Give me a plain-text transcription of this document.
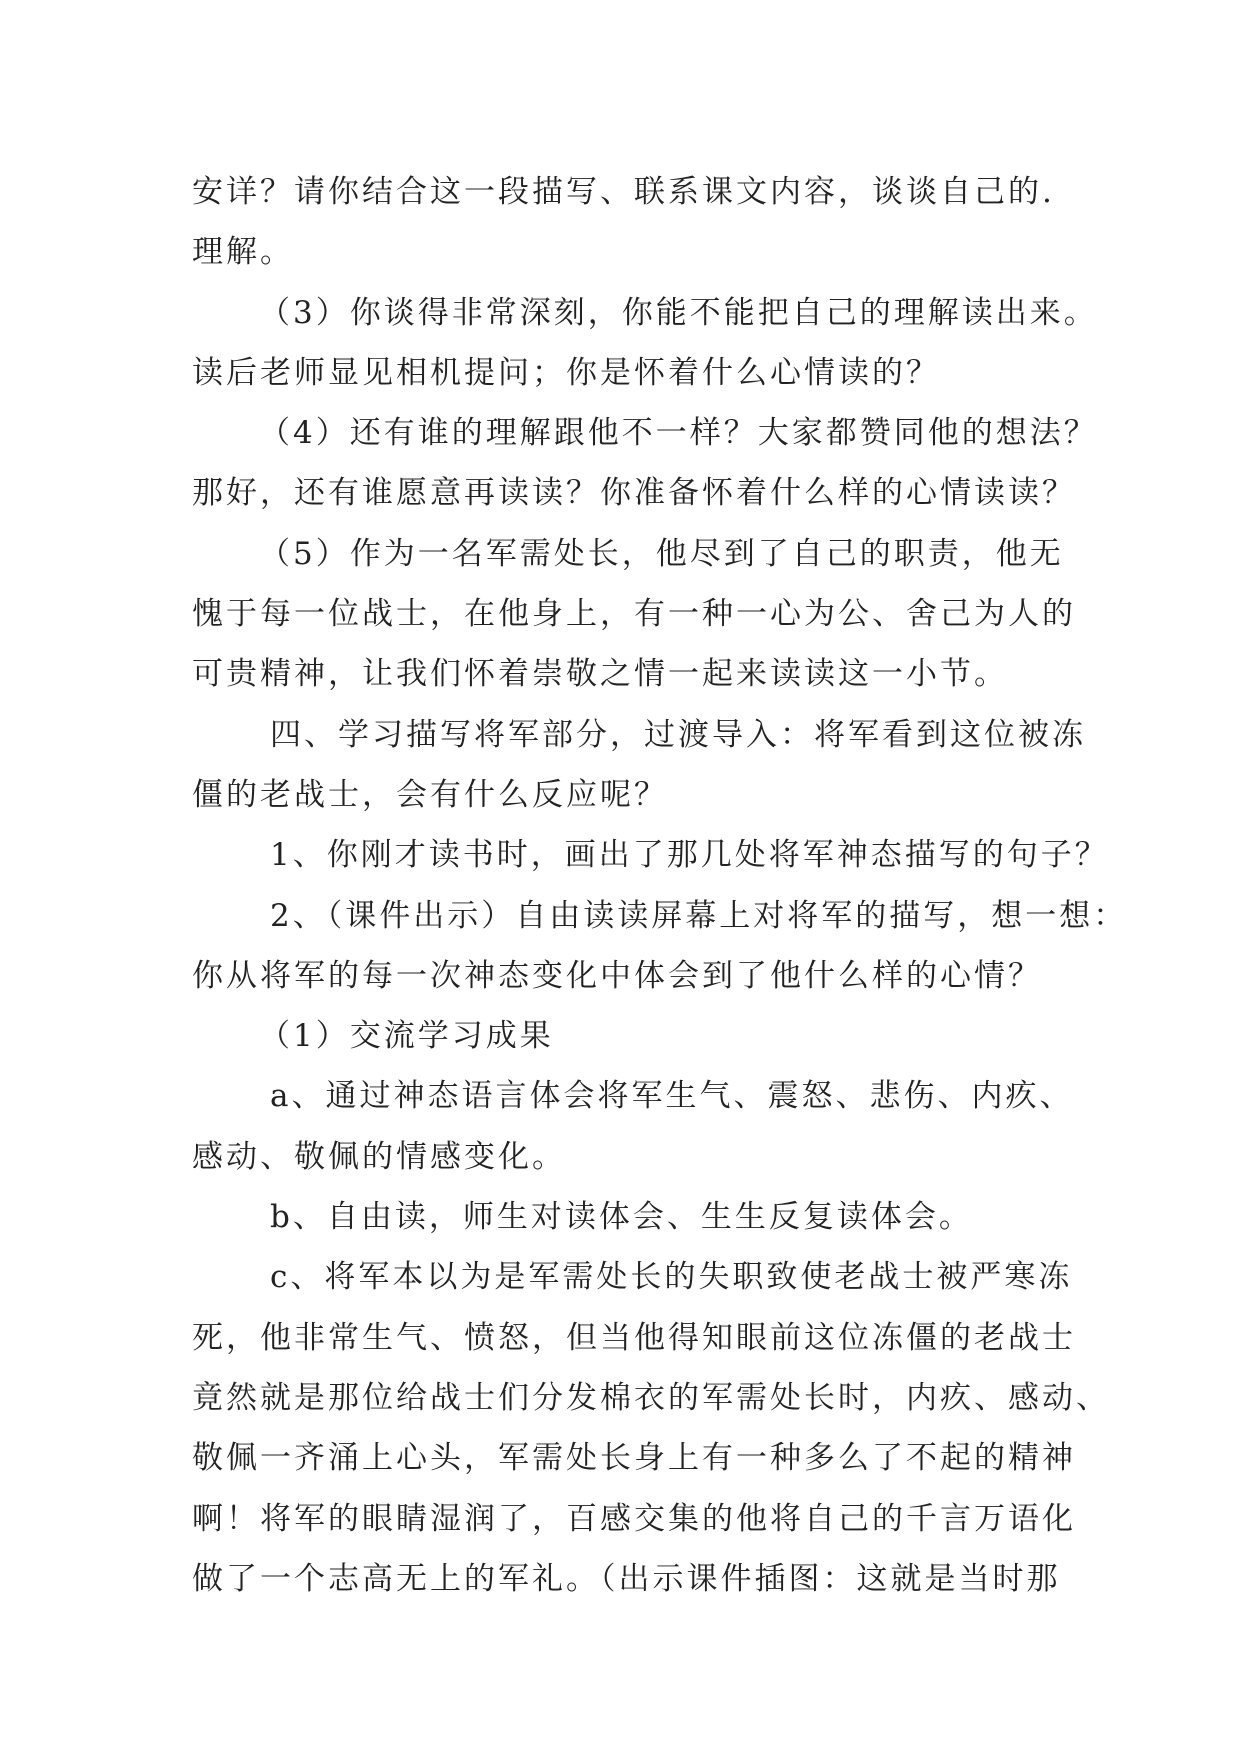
安详？请你结合这一段描写、联系课文内容，谈谈自己的.
理解。
（3）你谈得非常深刻，你能不能把自己的理解读出来。
读后老师显见相机提问；你是怀着什么心情读的？
（4）还有谁的理解跟他不一样？大家都赞同他的想法？
那好，还有谁愿意再读读？你准备怀着什么样的心情读读？
（5）作为一名军需处长，他尽到了自己的职责，他无
愧于每一位战士，在他身上，有一种一心为公、舍己为人的
可贵精神，让我们怀着崇敬之情一起来读读这一小节。
四、学习描写将军部分，过渡导入：将军看到这位被冻
僵的老战士，会有什么反应呢？
1、你刚才读书时，画出了那几处将军神态描写的句子？
2、（课件出示）自由读读屏幕上对将军的描写，想一想：
你从将军的每一次神态变化中体会到了他什么样的心情？
（1）交流学习成果
a、通过神态语言体会将军生气、震怒、悲伤、内疚、
感动、敬佩的情感变化。
b、自由读，师生对读体会、生生反复读体会。
c、将军本以为是军需处长的失职致使老战士被严寒冻
死，他非常生气、愤怒，但当他得知眼前这位冻僵的老战士
竟然就是那位给战士们分发棉衣的军需处长时，内疚、感动、
敬佩一齐涌上心头，军需处长身上有一种多么了不起的精神
啊！将军的眼睛湿润了，百感交集的他将自己的千言万语化
做了一个志高无上的军礼。（出示课件插图：这就是当时那
